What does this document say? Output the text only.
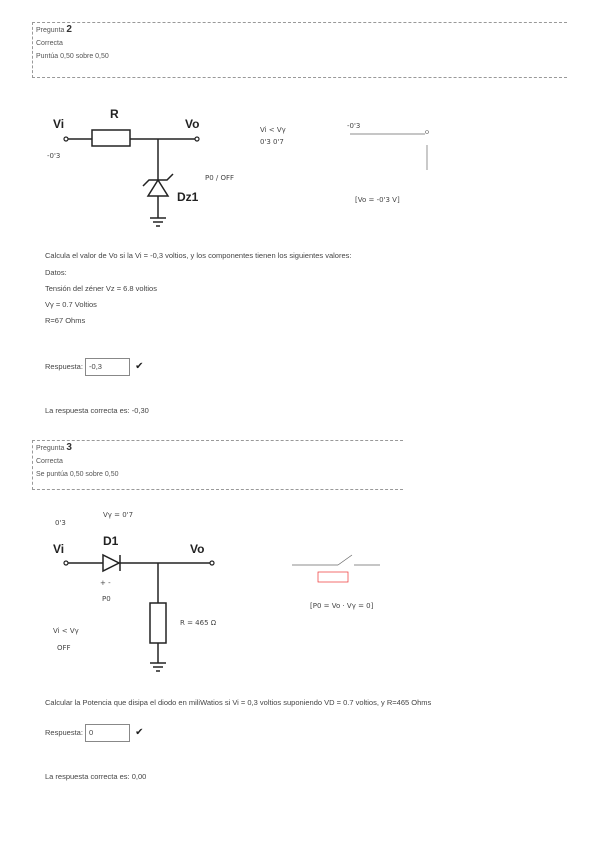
Pregunta 2
Correcta
Puntúa 0,50 sobre 0,50
Vi
R
Vo
Dz1
-0'3
Vi < Vγ
0'3 0'7
-0'3
P0 / OFF
[Vo = -0'3 V]
Calcula el valor de Vo si la Vi = -0,3 voltios, y los componentes tienen los siguientes valores:
Datos:
Tensión del zéner Vz = 6.8 voltios
Vγ = 0.7 Voltios
R=67 Ohms
Respuesta: -0,3	✔
La respuesta correcta es: -0,30
Pregunta 3
Correcta
Se puntúa 0,50 sobre 0,50
0'3
Vγ = 0'7
Vi
D1
Vo
R = 465 Ω
+ -
P0
Vi < Vγ
OFF
[P0 = Vo · Vγ = 0]
Calcular la Potencia que disipa el diodo en miliWatios si Vi = 0,3 voltios suponiendo VD = 0.7 voltios, y R=465 Ohms
Respuesta: 0	✔
La respuesta correcta es: 0,00
